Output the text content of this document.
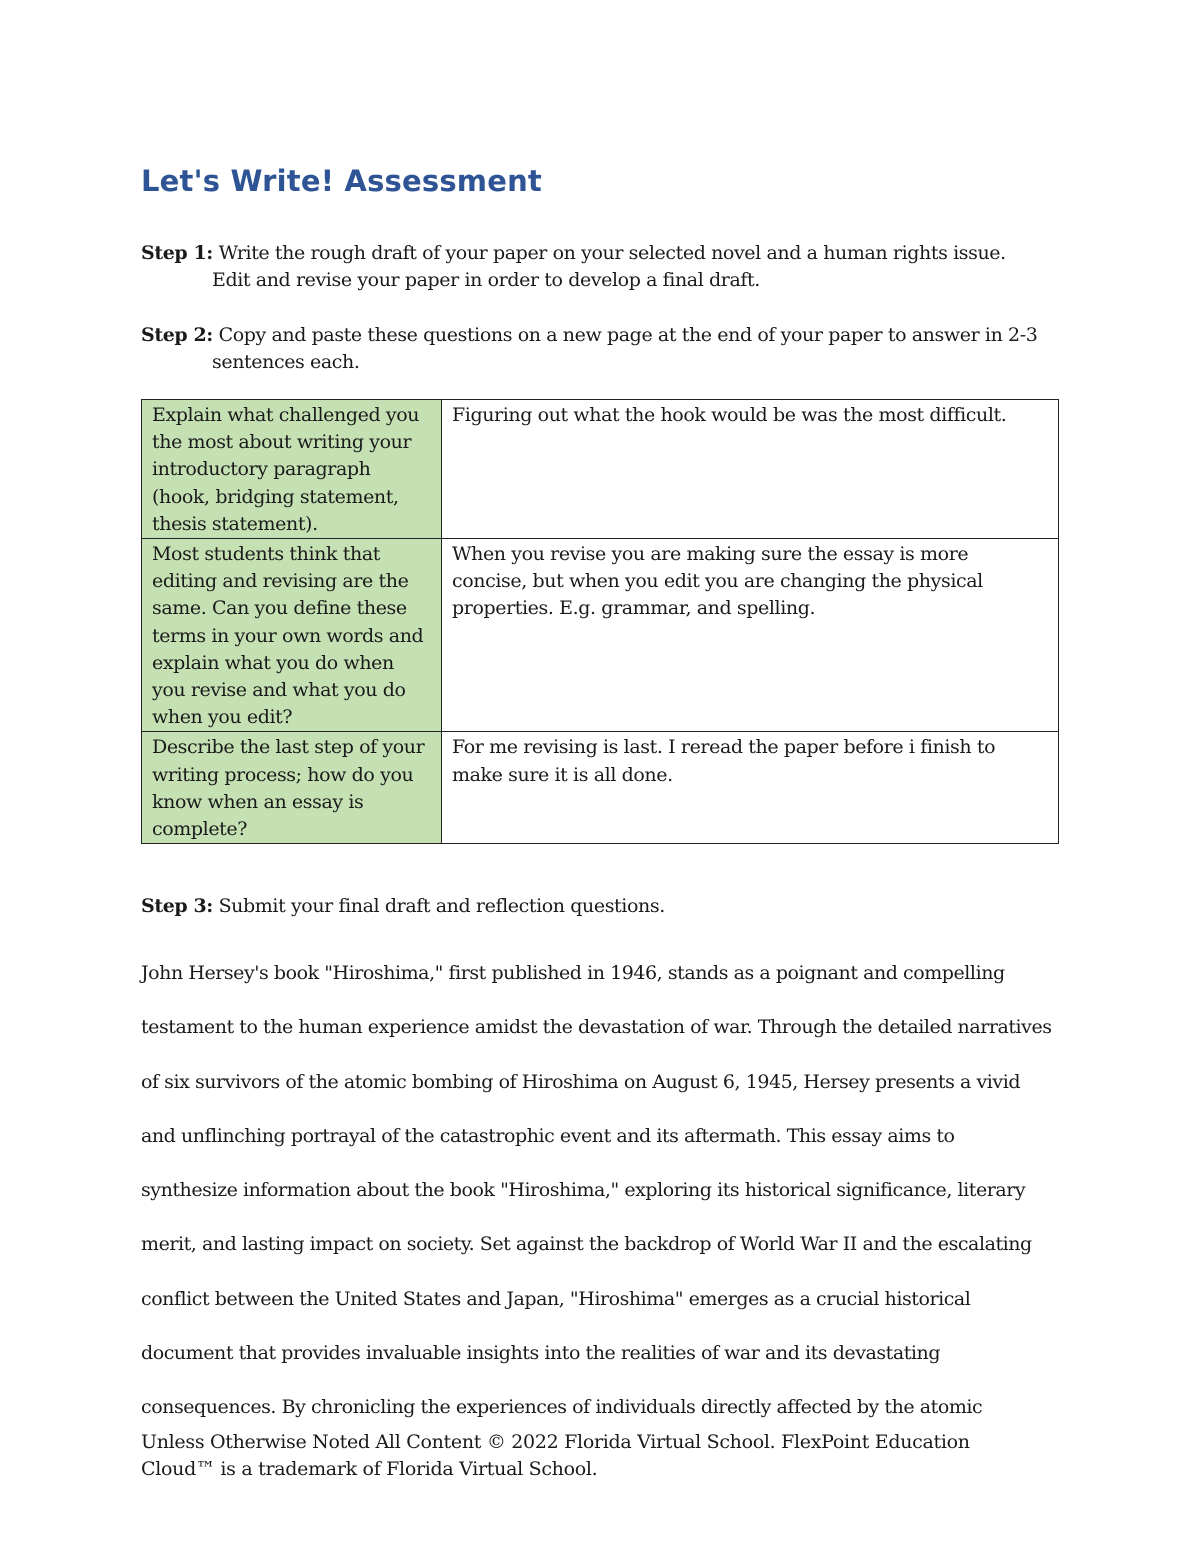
Let's Write! Assessment
Step 1: Write the rough draft of your paper on your selected novel and a human rights issue.
Edit and revise your paper in order to develop a final draft.
Step 2: Copy and paste these questions on a new page at the end of your paper to answer in 2-3
sentences each.
Explain what challenged you the most about writing your introductory paragraph (hook, bridging statement, thesis statement).	Figuring out what the hook would be was the most difficult.
Most students think that editing and revising are the same. Can you define these terms in your own words and explain what you do when you revise and what you do when you edit?	When you revise you are making sure the essay is more concise, but when you edit you are changing the physical properties. E.g. grammar, and spelling.
Describe the last step of your writing process; how do you know when an essay is complete?	For me revising is last. I reread the paper before i finish to make sure it is all done.
Step 3: Submit your final draft and reflection questions.
John Hersey's book "Hiroshima," first published in 1946, stands as a poignant and compelling
testament to the human experience amidst the devastation of war. Through the detailed narratives
of six survivors of the atomic bombing of Hiroshima on August 6, 1945, Hersey presents a vivid
and unflinching portrayal of the catastrophic event and its aftermath. This essay aims to
synthesize information about the book "Hiroshima," exploring its historical significance, literary
merit, and lasting impact on society. Set against the backdrop of World War II and the escalating
conflict between the United States and Japan, "Hiroshima" emerges as a crucial historical
document that provides invaluable insights into the realities of war and its devastating
consequences. By chronicling the experiences of individuals directly affected by the atomic
Unless Otherwise Noted All Content © 2022 Florida Virtual School. FlexPoint Education Cloud™ is a trademark of Florida Virtual School.
